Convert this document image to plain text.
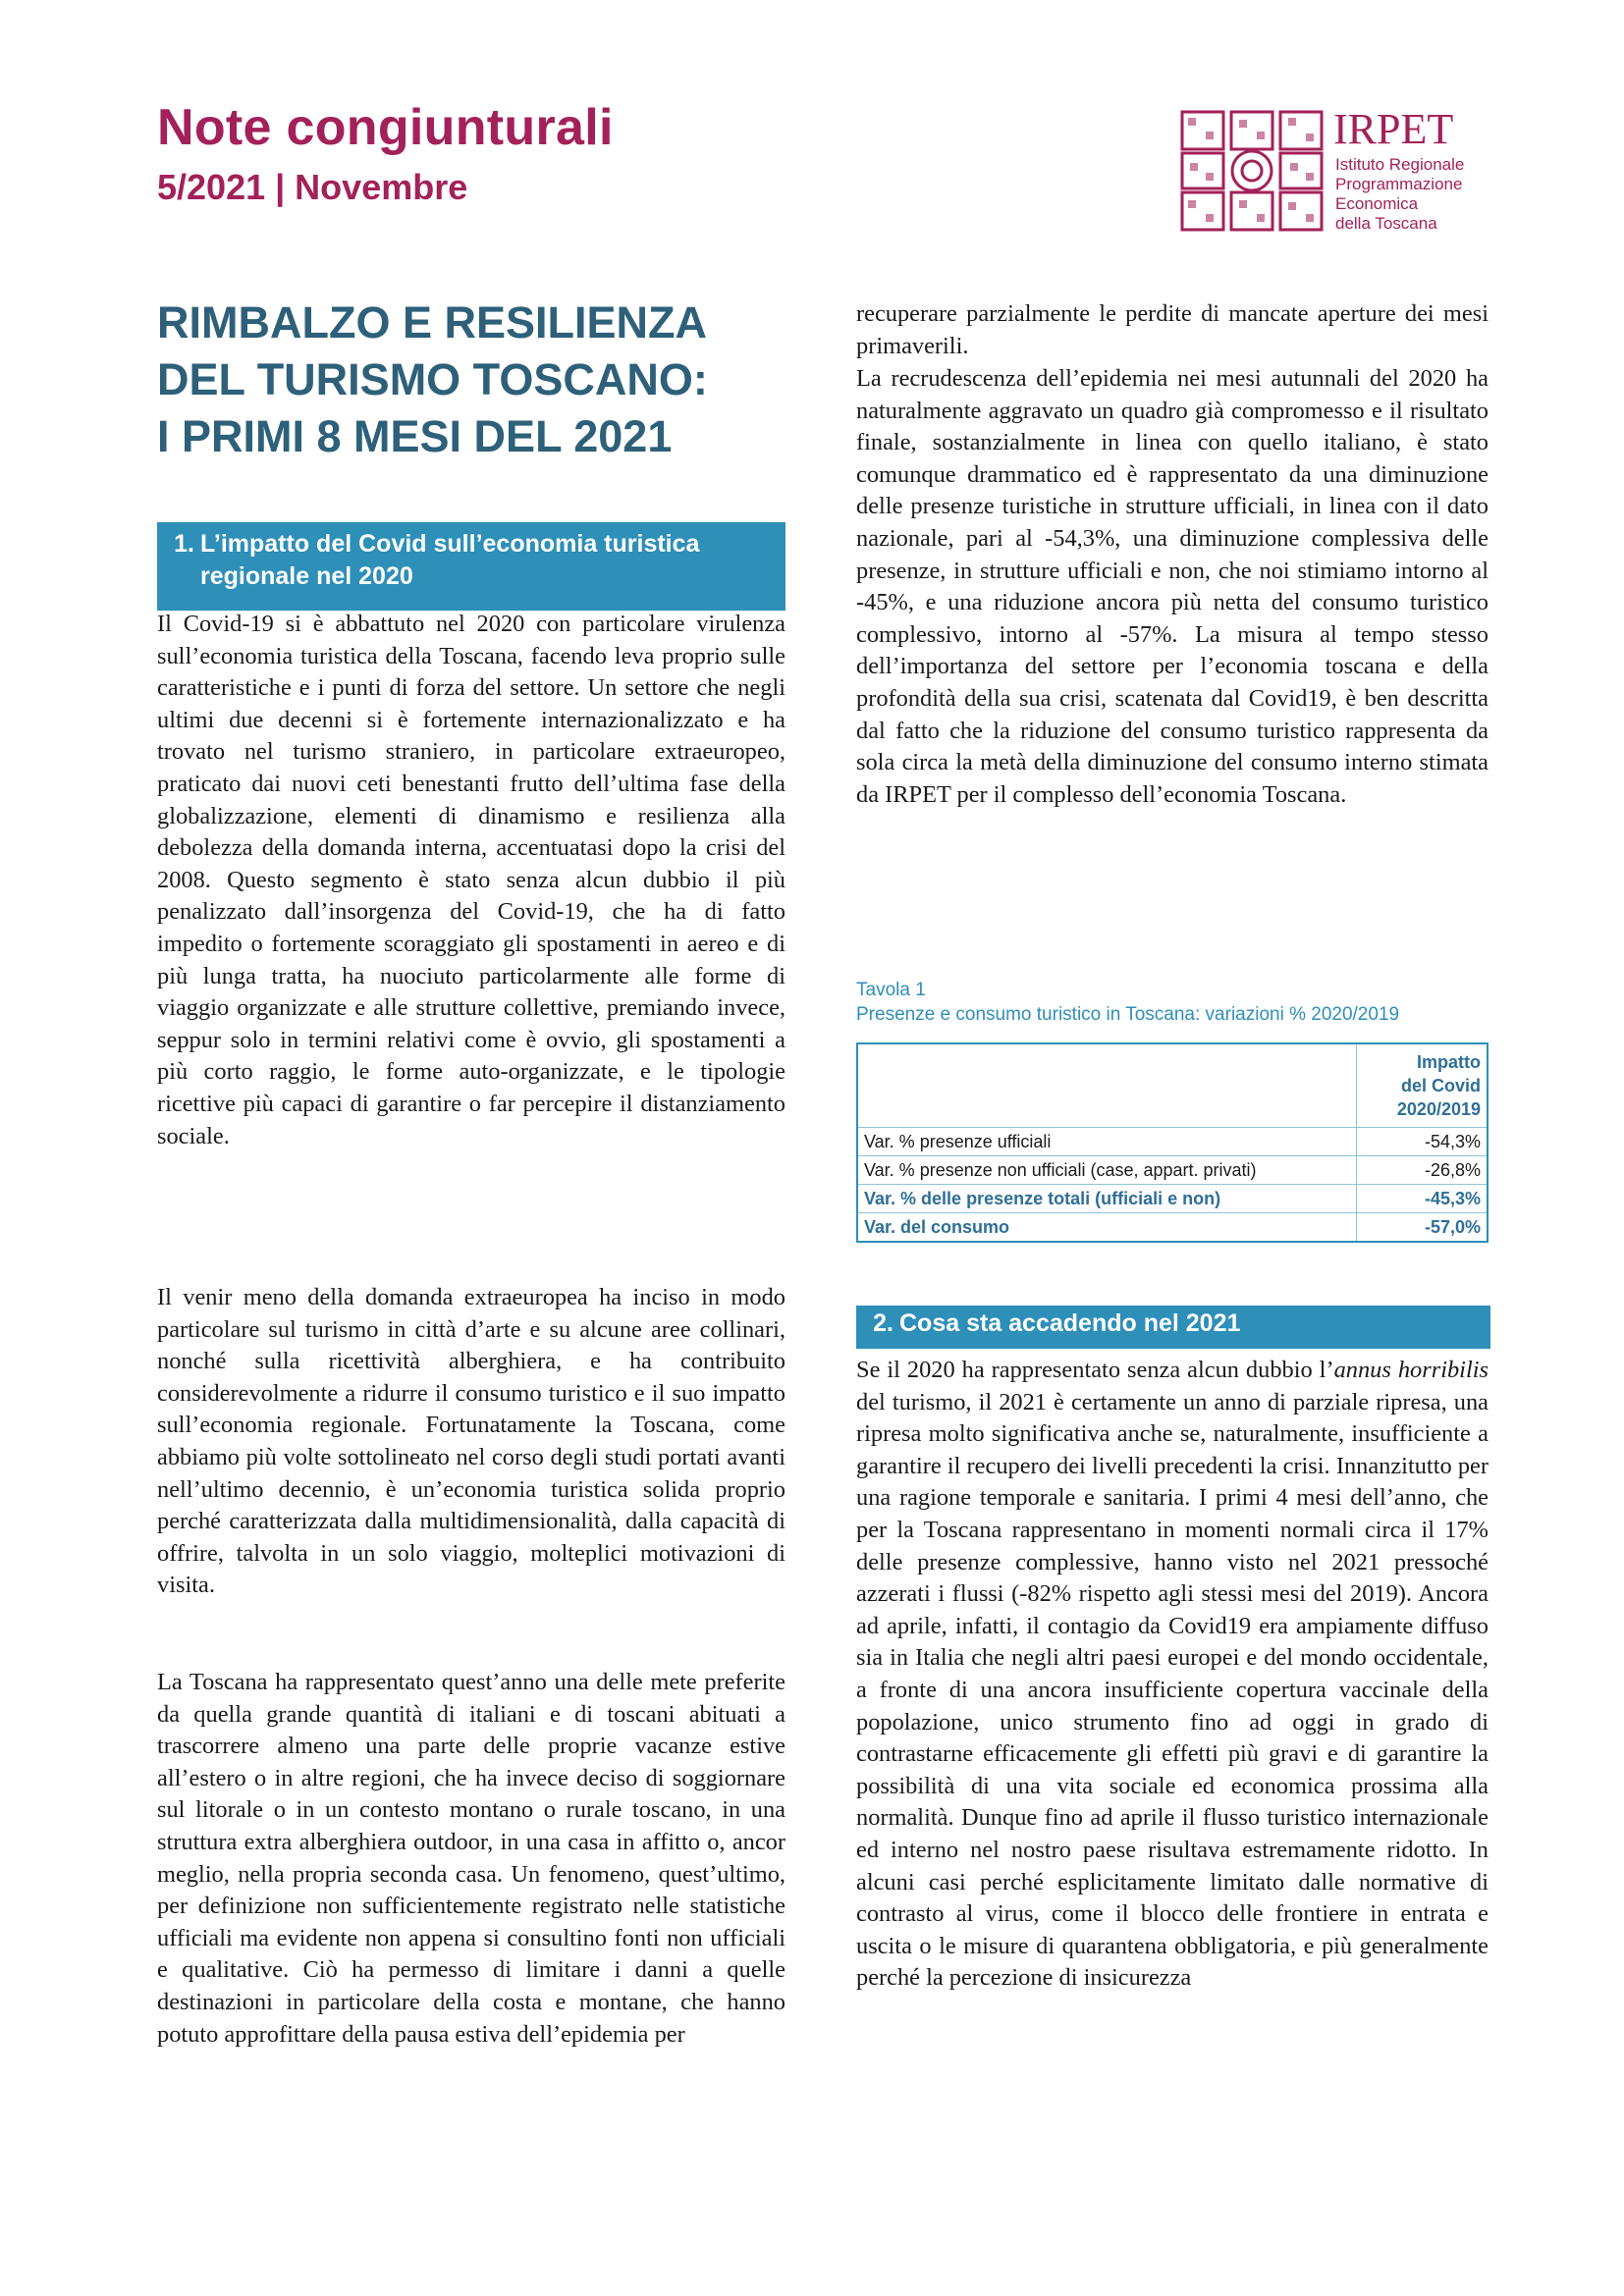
Note congiunturali
5/2021 | Novembre
IRPET
Istituto Regionale
Programmazione
Economica
della Toscana
RIMBALZO E RESILIENZA
DEL TURISMO TOSCANO:
I PRIMI 8 MESI DEL 2021
1. L’impatto del Covid sull’economia turistica regionale nel 2020

Il Covid-19 si è abbattuto nel 2020 con particolare virulenza sull’economia turistica della Toscana, facendo leva proprio sulle caratteristiche e i punti di forza del settore. Un settore che negli ultimi due decenni si è fortemente internazionalizzato e ha trovato nel turismo straniero, in particolare extraeuropeo, praticato dai nuovi ceti benestanti frutto dell’ultima fase della globalizzazione, elementi di dinamismo e resilienza alla debolezza della domanda interna, accentuatasi dopo la crisi del 2008. Questo segmento è stato senza alcun dubbio il più penalizzato dall’insorgenza del Covid-19, che ha di fatto impedito o fortemente scoraggiato gli spostamenti in aereo e di più lunga tratta, ha nuociuto particolarmente alle forme di viaggio organizzate e alle strutture collettive, premiando invece, seppur solo in termini relativi come è ovvio, gli spostamenti a più corto raggio, le forme auto-organizzate, e le tipologie ricettive più capaci di garantire o far percepire il distanziamento sociale.

Il venir meno della domanda extraeuropea ha inciso in modo particolare sul turismo in città d’arte e su alcune aree collinari, nonché sulla ricettività alberghiera, e ha contribuito considerevolmente a ridurre il consumo turistico e il suo impatto sull’economia regionale. Fortunatamente la Toscana, come abbiamo più volte sottolineato nel corso degli studi portati avanti nell’ultimo decennio, è un’economia turistica solida proprio perché caratterizzata dalla multidimensionalità, dalla capacità di offrire, talvolta in un solo viaggio, molteplici motivazioni di visita.

La Toscana ha rappresentato quest’anno una delle mete preferite da quella grande quantità di italiani e di toscani abituati a trascorrere almeno una parte delle proprie vacanze estive all’estero o in altre regioni, che ha invece deciso di soggiornare sul litorale o in un contesto montano o rurale toscano, in una struttura extra alberghiera outdoor, in una casa in affitto o, ancor meglio, nella propria seconda casa. Un fenomeno, quest’ultimo, per definizione non sufficientemente registrato nelle statistiche ufficiali ma evidente non appena si consultino fonti non ufficiali e qualitative. Ciò ha permesso di limitare i danni a quelle destinazioni in particolare della costa e montane, che hanno potuto approfittare della pausa estiva dell’epidemia per

recuperare parzialmente le perdite di mancate aperture dei mesi primaverili.

La recrudescenza dell’epidemia nei mesi autunnali del 2020 ha naturalmente aggravato un quadro già compromesso e il risultato finale, sostanzialmente in linea con quello italiano, è stato comunque drammatico ed è rappresentato da una diminuzione delle presenze turistiche in strutture ufficiali, in linea con il dato nazionale, pari al -54,3%, una diminuzione complessiva delle presenze, in strutture ufficiali e non, che noi stimiamo intorno al -45%, e una riduzione ancora più netta del consumo turistico complessivo, intorno al -57%. La misura al tempo stesso dell’importanza del settore per l’economia toscana e della profondità della sua crisi, scatenata dal Covid19, è ben descritta dal fatto che la riduzione del consumo turistico rappresenta da sola circa la metà della diminuzione del consumo interno stimata da IRPET per il complesso dell’economia Toscana.

Tavola 1
Presenze e consumo turistico in Toscana: variazioni % 2020/2019

	Impatto
del Covid
2020/2019

Var. % presenze ufficiali	-54,3%
Var. % presenze non ufficiali (case, appart. privati)	-26,8%
Var. % delle presenze totali (ufficiali e non)	-45,3%
Var. del consumo	-57,0%
2. Cosa sta accadendo nel 2021

Se il 2020 ha rappresentato senza alcun dubbio l’annus horribilis del turismo, il 2021 è certamente un anno di parziale ripresa, una ripresa molto significativa anche se, naturalmente, insufficiente a garantire il recupero dei livelli precedenti la crisi. Innanzitutto per una ragione temporale e sanitaria. I primi 4 mesi dell’anno, che per la Toscana rappresentano in momenti normali circa il 17% delle presenze complessive, hanno visto nel 2021 pressoché azzerati i flussi (-82% rispetto agli stessi mesi del 2019). Ancora ad aprile, infatti, il contagio da Covid19 era ampiamente diffuso sia in Italia che negli altri paesi europei e del mondo occidentale, a fronte di una ancora insufficiente copertura vaccinale della popolazione, unico strumento fino ad oggi in grado di contrastarne efficacemente gli effetti più gravi e di garantire la possibilità di una vita sociale ed economica prossima alla normalità. Dunque fino ad aprile il flusso turistico internazionale ed interno nel nostro paese risultava estremamente ridotto. In alcuni casi perché esplicitamente limitato dalle normative di contrasto al virus, come il blocco delle frontiere in entrata e uscita o le misure di quarantena obbligatoria, e più generalmente perché la percezione di insicurezza
